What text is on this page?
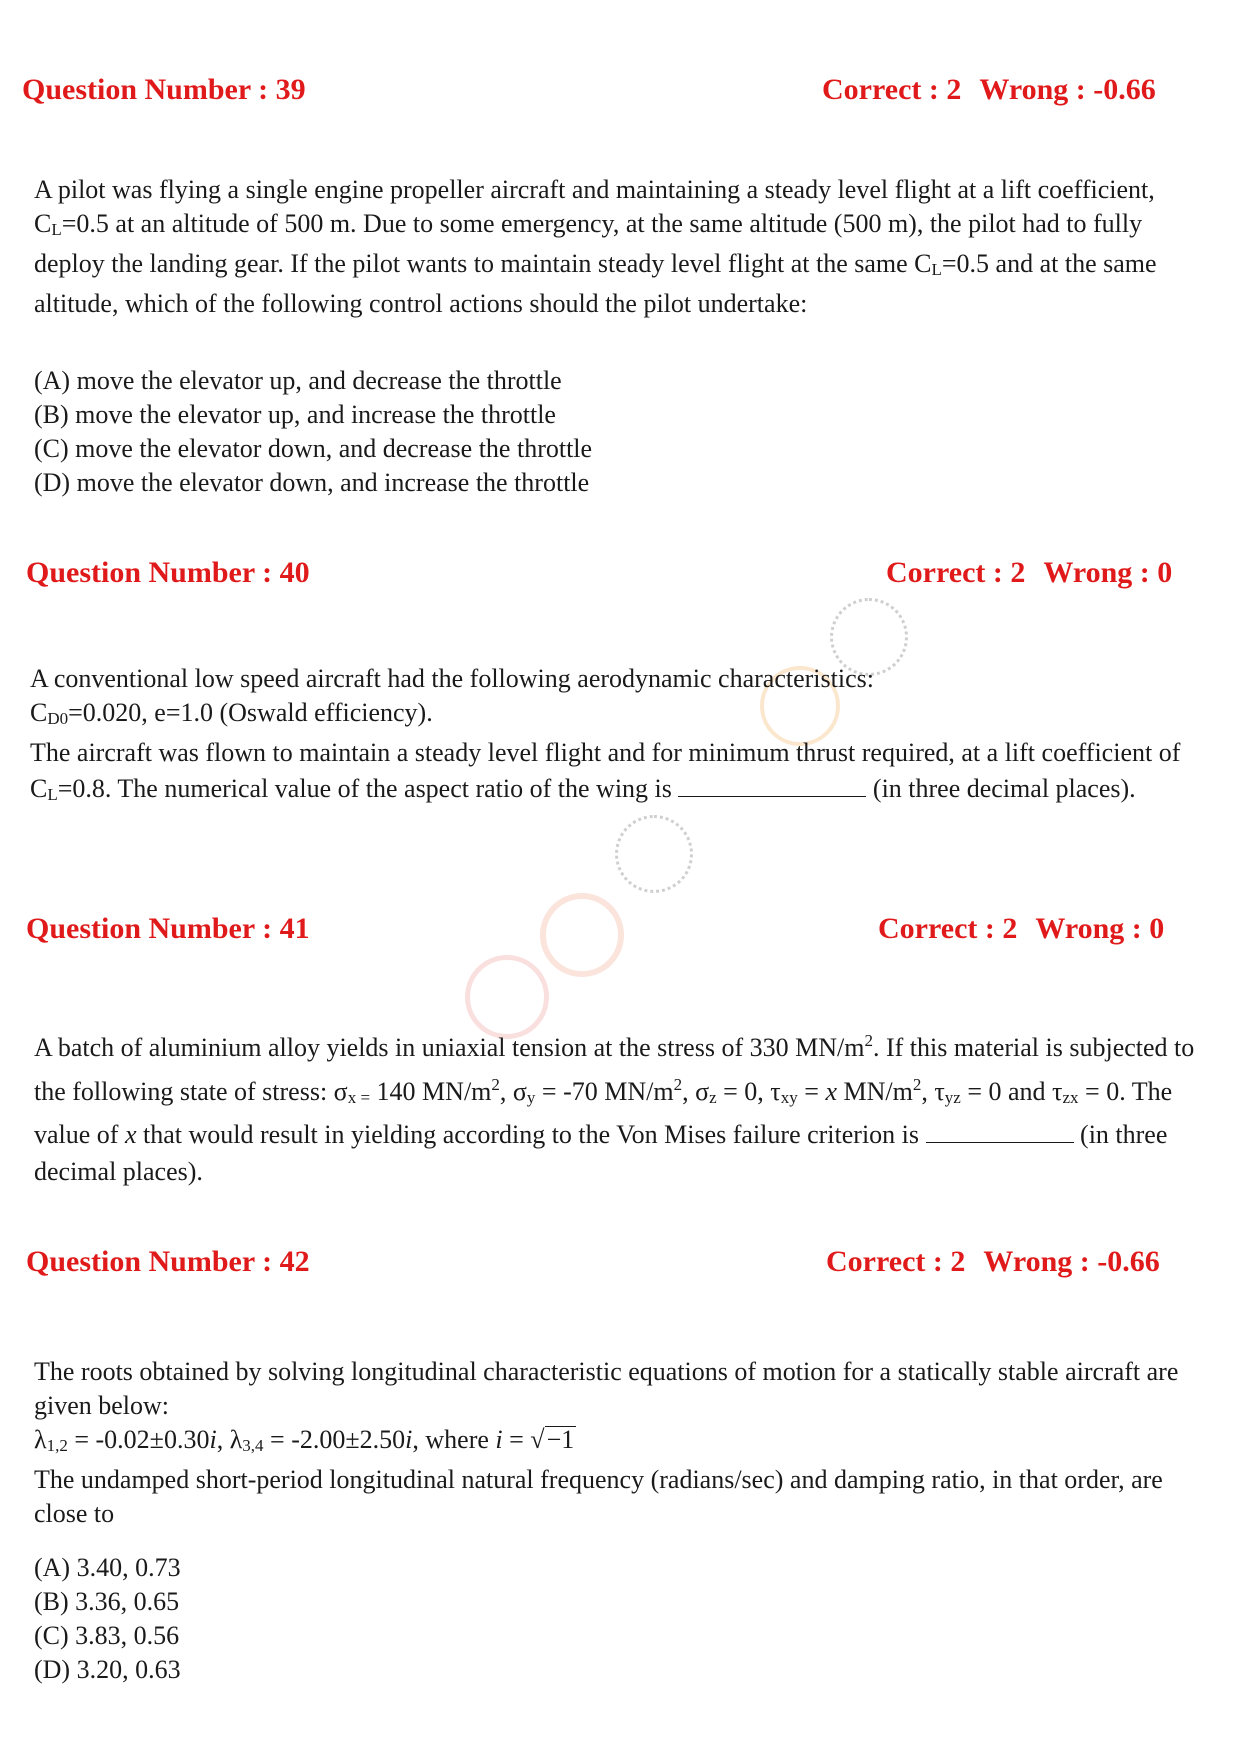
Question Number : 39	Correct : 2 Wrong : -0.66

A pilot was flying a single engine propeller aircraft and maintaining a steady level flight at a lift coefficient, $C_L=0.5$ at an altitude of 500 m. Due to some emergency, at the same altitude (500 m), the pilot had to fully deploy the landing gear. If the pilot wants to maintain steady level flight at the same $C_L=0.5$ and at the same altitude, which of the following control actions should the pilot undertake:

(A) move the elevator up, and decrease the throttle
(B) move the elevator up, and increase the throttle
(C) move the elevator down, and decrease the throttle
(D) move the elevator down, and increase the throttle
Question Number : 40	Correct : 2 Wrong : 0

A conventional low speed aircraft had the following aerodynamic characteristics:

$C_{D0}=0.020$, e=1.0 (Oswald efficiency).

The aircraft was flown to maintain a steady level flight and for minimum thrust required, at a lift coefficient of $C_L=0.8$. The numerical value of the aspect ratio of the wing is	(in three decimal places).

Question Number : 41	Correct : 2 Wrong : 0

A batch of aluminium alloy yields in uniaxial tension at the stress of 330 $MN/m^2$. If this material is subjected to the following state of stress: $\sigma_{x =}$ 140 $MN/m^2$, $\sigma_y = -70$ $MN/m^2$, $\sigma_z = 0$, $\tau_{xy} = x$ $MN/m^2$, $\tau_{yz} = 0$ and $\tau_{zx} = 0$. The value of x that would result in yielding according to the Von Mises failure criterion is	(in three decimal places).

Question Number : 42	Correct : 2 Wrong : -0.66

The roots obtained by solving longitudinal characteristic equations of motion for a statically stable aircraft are given below:

$\lambda_{1,2} = -0.02\pm 0.30i$, $\lambda_{3,4} = -2.00\pm 2.50i$, where i = √−1

The undamped short-period longitudinal natural frequency (radians/sec) and damping ratio, in that order, are close to

(A) 3.40, 0.73
(B) 3.36, 0.65
(C) 3.83, 0.56
(D) 3.20, 0.63
